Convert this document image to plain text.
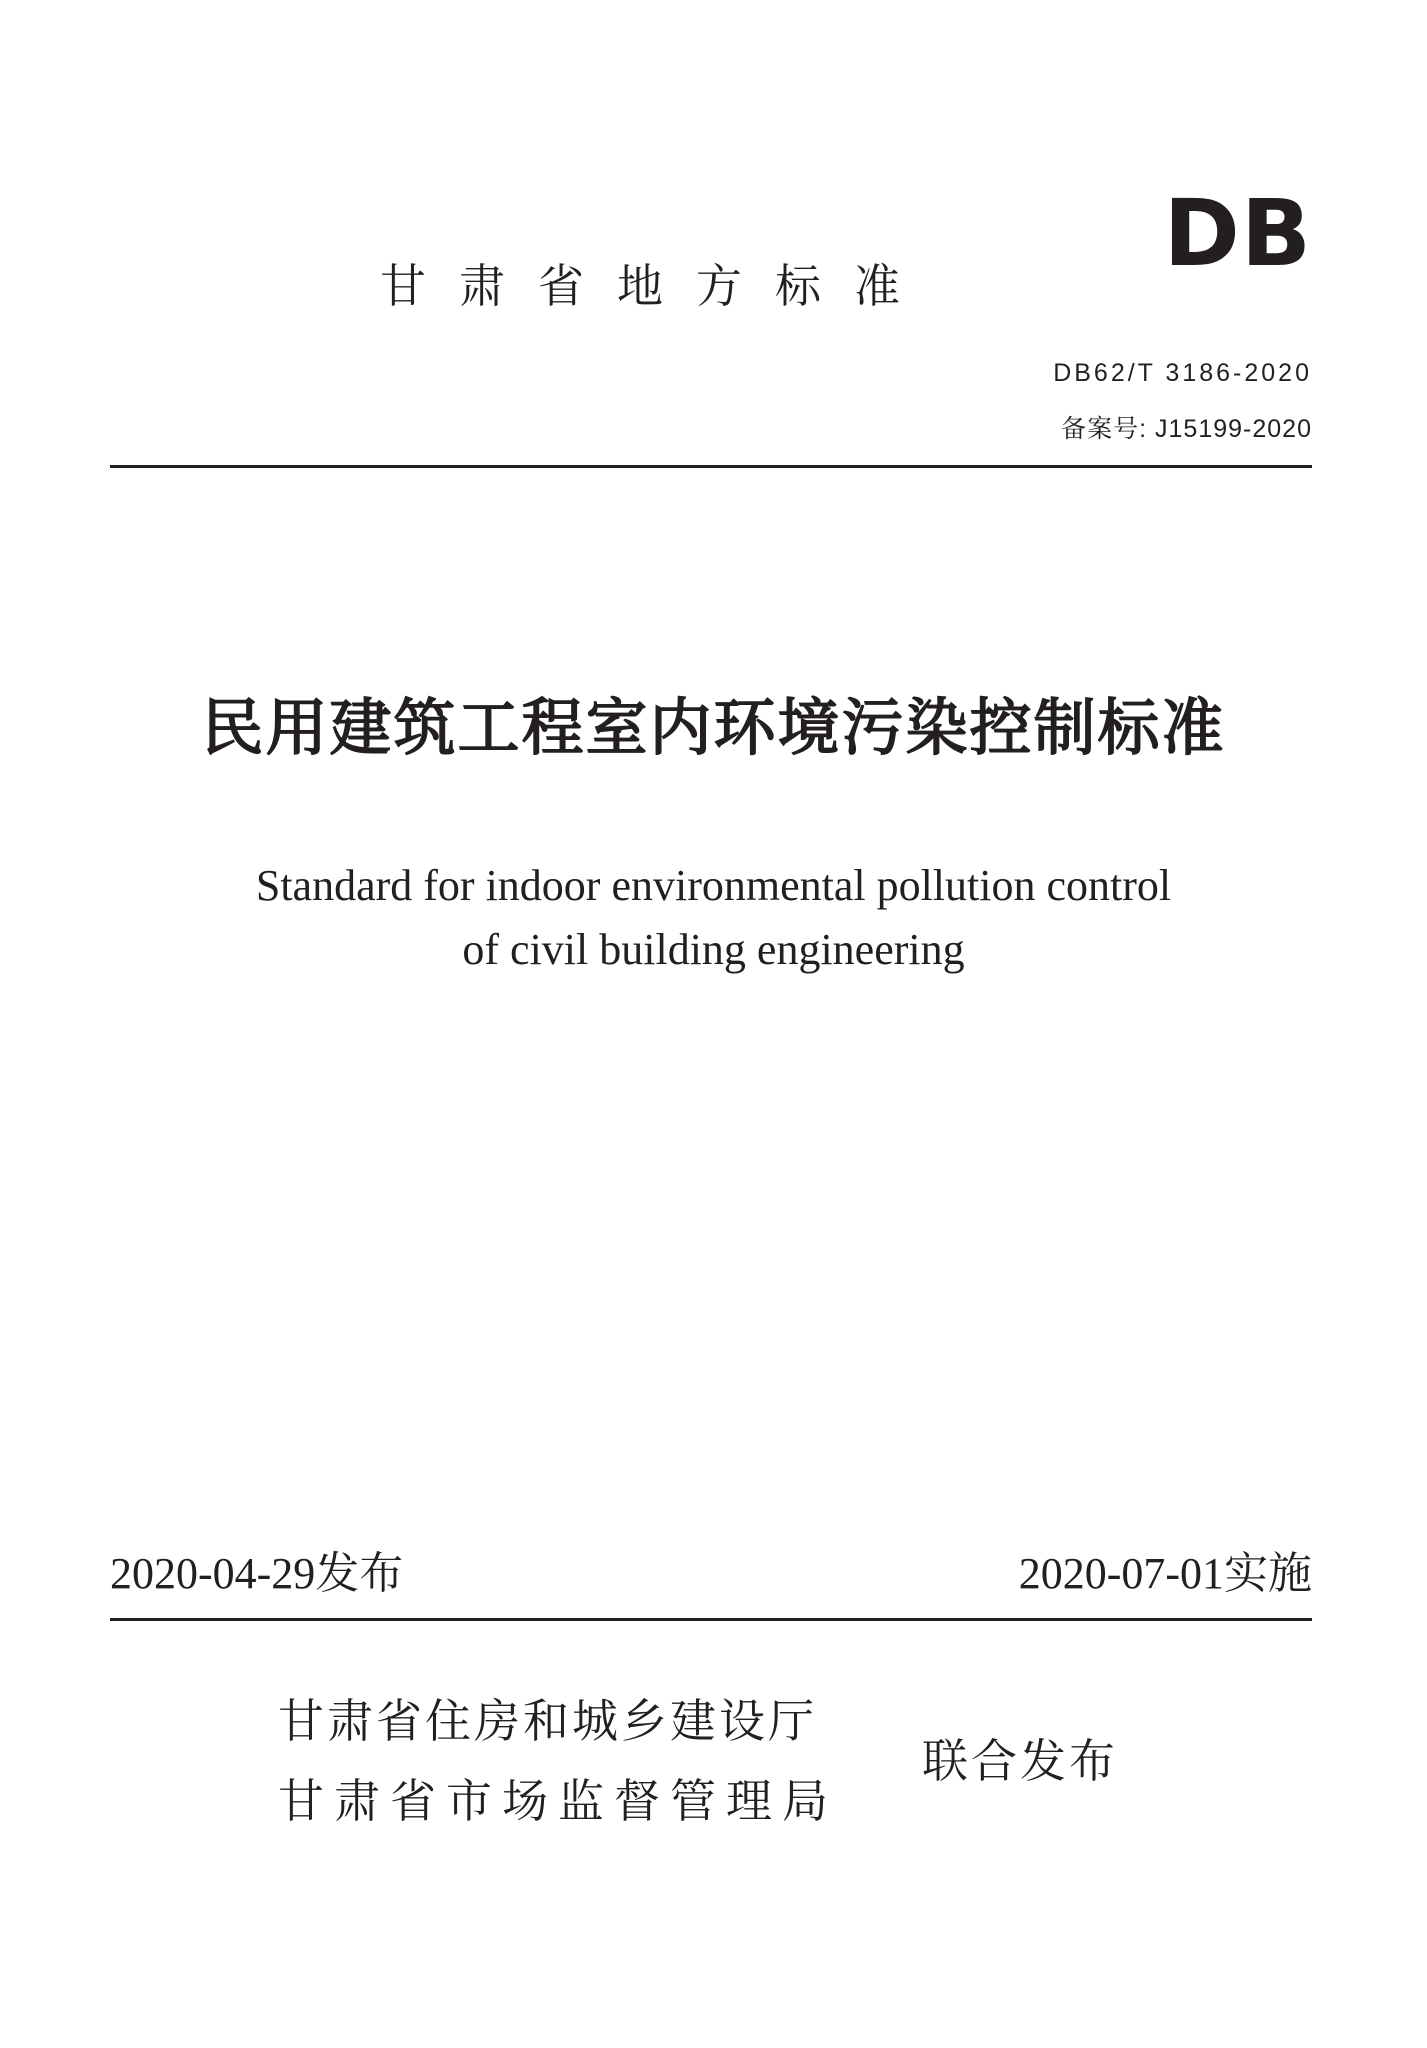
DB
甘肃省地方标准
DB62/T 3186-2020
备案号: J15199-2020
民用建筑工程室内环境污染控制标准
Standard for indoor environmental pollution control
of civil building engineering
2020-04-29发布	2020-07-01实施
甘肃省住房和城乡建设厅
甘肃省市场监督管理局
联合发布
